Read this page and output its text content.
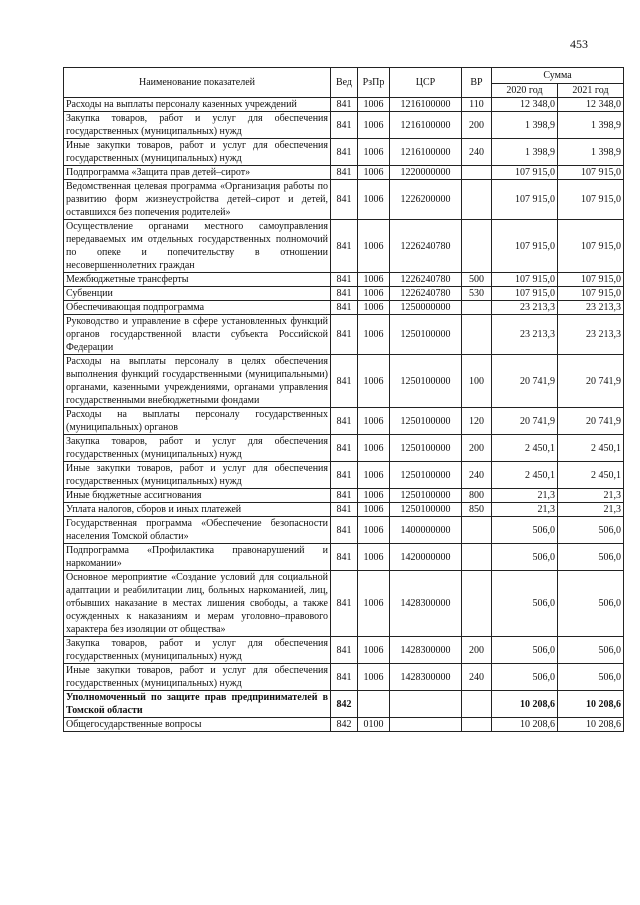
453
Наименование показателей	Вед	РзПр	ЦСР	ВР	Сумма	
					2020 год	2021 год
Расходы на выплаты персоналу казенных учреждений	841	1006	1216100000	110	12 348,0	12 348,0
Закупка товаров, работ и услуг для обеспечения государственных (муниципальных) нужд	841	1006	1216100000	200	1 398,9	1 398,9
Иные закупки товаров, работ и услуг для обеспечения государственных (муниципальных) нужд	841	1006	1216100000	240	1 398,9	1 398,9
Подпрограмма «Защита прав детей–сирот»	841	1006	1220000000		107 915,0	107 915,0
Ведомственная целевая программа «Организация работы по развитию форм жизнеустройства детей–сирот и детей, оставшихся без попечения родителей»	841	1006	1226200000		107 915,0	107 915,0
Осуществление органами местного самоуправления передаваемых им отдельных государственных полномочий по опеке и попечительству в отношении несовершеннолетних граждан	841	1006	1226240780		107 915,0	107 915,0
Межбюджетные трансферты	841	1006	1226240780	500	107 915,0	107 915,0
Субвенции	841	1006	1226240780	530	107 915,0	107 915,0
Обеспечивающая подпрограмма	841	1006	1250000000		23 213,3	23 213,3
Руководство и управление в сфере установленных функций органов государственной власти субъекта Российской Федерации	841	1006	1250100000		23 213,3	23 213,3
Расходы на выплаты персоналу в целях обеспечения выполнения функций государственными (муниципальными) органами, казенными учреждениями, органами управления государственными внебюджетными фондами	841	1006	1250100000	100	20 741,9	20 741,9
Расходы на выплаты персоналу государственных (муниципальных) органов	841	1006	1250100000	120	20 741,9	20 741,9
Закупка товаров, работ и услуг для обеспечения государственных (муниципальных) нужд	841	1006	1250100000	200	2 450,1	2 450,1
Иные закупки товаров, работ и услуг для обеспечения государственных (муниципальных) нужд	841	1006	1250100000	240	2 450,1	2 450,1
Иные бюджетные ассигнования	841	1006	1250100000	800	21,3	21,3
Уплата налогов, сборов и иных платежей	841	1006	1250100000	850	21,3	21,3
Государственная программа «Обеспечение безопасности населения Томской области»	841	1006	1400000000		506,0	506,0
Подпрограмма «Профилактика правонарушений и наркомании»	841	1006	1420000000		506,0	506,0
Основное мероприятие «Создание условий для социальной адаптации и реабилитации лиц, больных наркоманией, лиц, отбывших наказание в местах лишения свободы, а также осужденных к наказаниям и мерам уголовно–правового характера без изоляции от общества»	841	1006	1428300000		506,0	506,0
Закупка товаров, работ и услуг для обеспечения государственных (муниципальных) нужд	841	1006	1428300000	200	506,0	506,0
Иные закупки товаров, работ и услуг для обеспечения государственных (муниципальных) нужд	841	1006	1428300000	240	506,0	506,0
Уполномоченный по защите прав предпринимателей в Томской области	842				10 208,6	10 208,6
Общегосударственные вопросы	842	0100			10 208,6	10 208,6
